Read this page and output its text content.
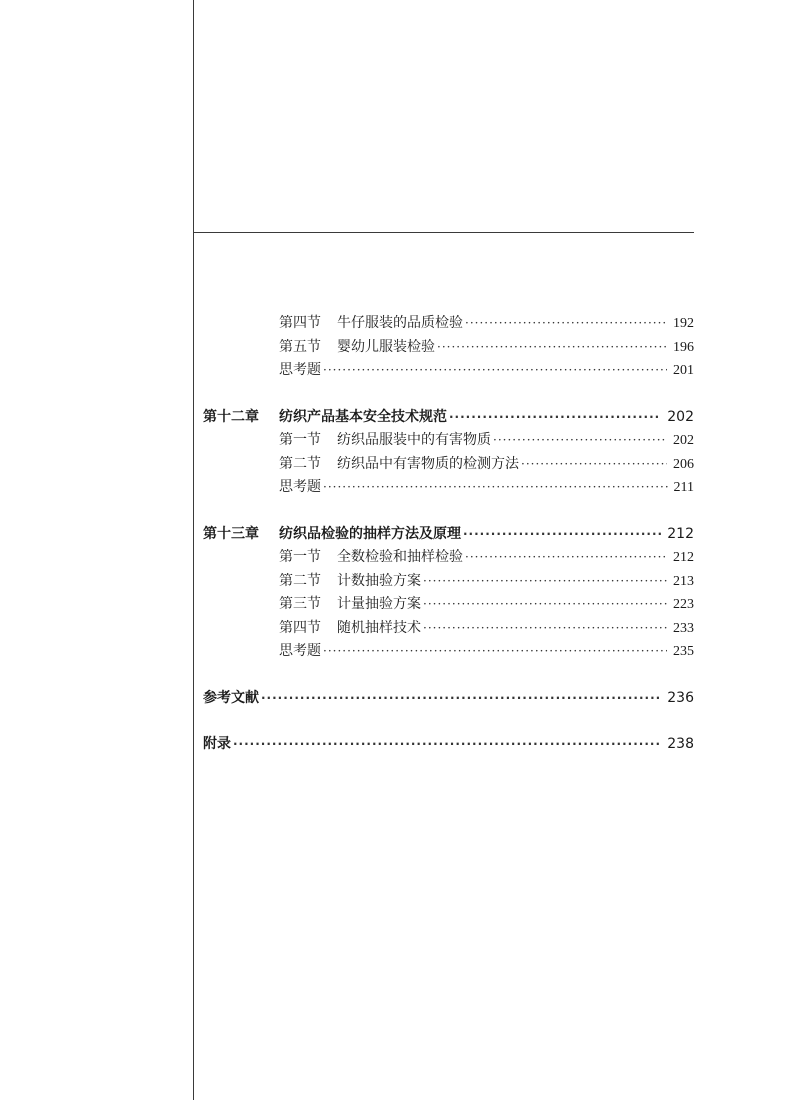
第四节	牛仔服装的品质检验 ·····	192
第五节	婴幼儿服装检验 ·····	196
思考题 ·····	201
第十二章	纺织产品基本安全技术规范 ·····	202
第一节	纺织品服装中的有害物质 ·····	202
第二节	纺织品中有害物质的检测方法 ·····	206
思考题 ·····	211
第十三章	纺织品检验的抽样方法及原理 ·····	212
第一节	全数检验和抽样检验 ·····	212
第二节	计数抽验方案 ·····	213
第三节	计量抽验方案 ·····	223
第四节	随机抽样技术 ·····	233
思考题 ·····	235
参考文献 ·····	236
附录 ·····	238
